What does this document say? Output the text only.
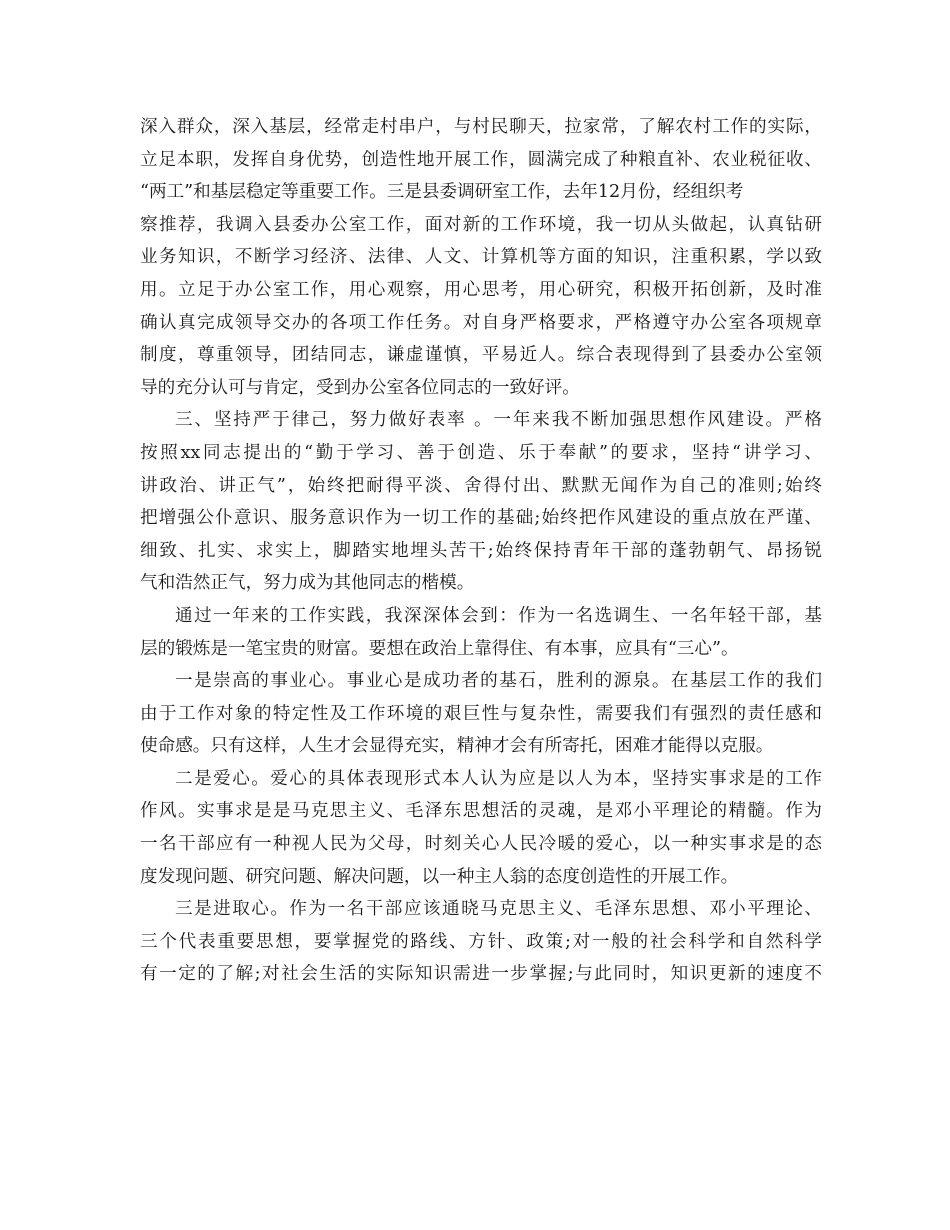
深入群众，深入基层，经常走村串户，与村民聊天，拉家常，了解农村工作的实际，
立足本职，发挥自身优势，创造性地开展工作，圆满完成了种粮直补、农业税征收、
“两工”和基层稳定等重要工作。三是县委调研室工作，去年12月份，经组织考
察推荐，我调入县委办公室工作，面对新的工作环境，我一切从头做起，认真钻研
业务知识，不断学习经济、法律、人文、计算机等方面的知识，注重积累，学以致
用。立足于办公室工作，用心观察，用心思考，用心研究，积极开拓创新，及时准
确认真完成领导交办的各项工作任务。对自身严格要求，严格遵守办公室各项规章
制度，尊重领导，团结同志，谦虚谨慎，平易近人。综合表现得到了县委办公室领
导的充分认可与肯定，受到办公室各位同志的一致好评。
三、坚持严于律己，努力做好表率 。一年来我不断加强思想作风建设。严格
按照xx同志提出的“勤于学习、善于创造、乐于奉献”的要求，坚持“讲学习、
讲政治、讲正气”，始终把耐得平淡、舍得付出、默默无闻作为自己的准则;始终
把增强公仆意识、服务意识作为一切工作的基础;始终把作风建设的重点放在严谨、
细致、扎实、求实上，脚踏实地埋头苦干;始终保持青年干部的蓬勃朝气、昂扬锐
气和浩然正气，努力成为其他同志的楷模。
通过一年来的工作实践，我深深体会到：作为一名选调生、一名年轻干部，基
层的锻炼是一笔宝贵的财富。要想在政治上靠得住、有本事，应具有“三心”。
一是崇高的事业心。事业心是成功者的基石，胜利的源泉。在基层工作的我们
由于工作对象的特定性及工作环境的艰巨性与复杂性，需要我们有强烈的责任感和
使命感。只有这样，人生才会显得充实，精神才会有所寄托，困难才能得以克服。
二是爱心。爱心的具体表现形式本人认为应是以人为本，坚持实事求是的工作
作风。实事求是是马克思主义、毛泽东思想活的灵魂，是邓小平理论的精髓。作为
一名干部应有一种视人民为父母，时刻关心人民冷暖的爱心，以一种实事求是的态
度发现问题、研究问题、解决问题，以一种主人翁的态度创造性的开展工作。
三是进取心。作为一名干部应该通晓马克思主义、毛泽东思想、邓小平理论、
三个代表重要思想，要掌握党的路线、方针、政策;对一般的社会科学和自然科学
有一定的了解;对社会生活的实际知识需进一步掌握;与此同时，知识更新的速度不
